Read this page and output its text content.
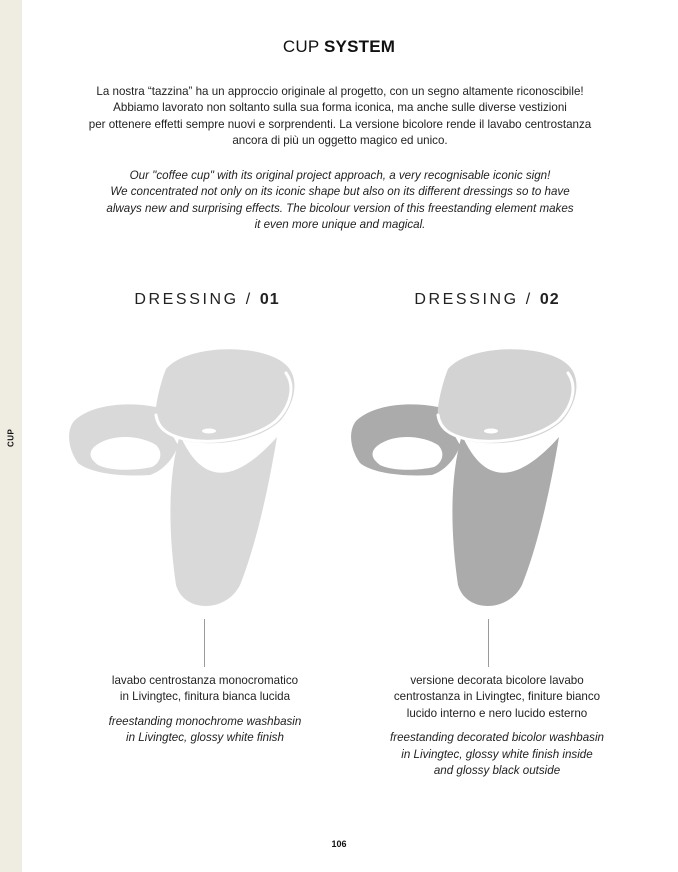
CUP
CUP SYSTEM

La nostra “tazzina” ha un approccio originale al progetto, con un segno altamente riconoscibile!

Abbiamo lavorato non soltanto sulla sua forma iconica, ma anche sulle diverse vestizioni

per ottenere effetti sempre nuovi e sorprendenti. La versione bicolore rende il lavabo centrostanza

ancora di più un oggetto magico ed unico.

Our "coffee cup" with its original project approach, a very recognisable iconic sign!

We concentrated not only on its iconic shape but also on its different dressings so to have

always new and surprising effects. The bicolour version of this freestanding element makes

it even more unique and magical.

DRESSING / 01

lavabo centrostanza monocromatico

in Livingtec, finitura bianca lucida

freestanding monochrome washbasin

in Livingtec, glossy white finish

DRESSING / 02

versione decorata bicolore lavabo

centrostanza in Livingtec, finiture bianco

lucido interno e nero lucido esterno

freestanding decorated bicolor washbasin

in Livingtec, glossy white finish inside

and glossy black outside

106
